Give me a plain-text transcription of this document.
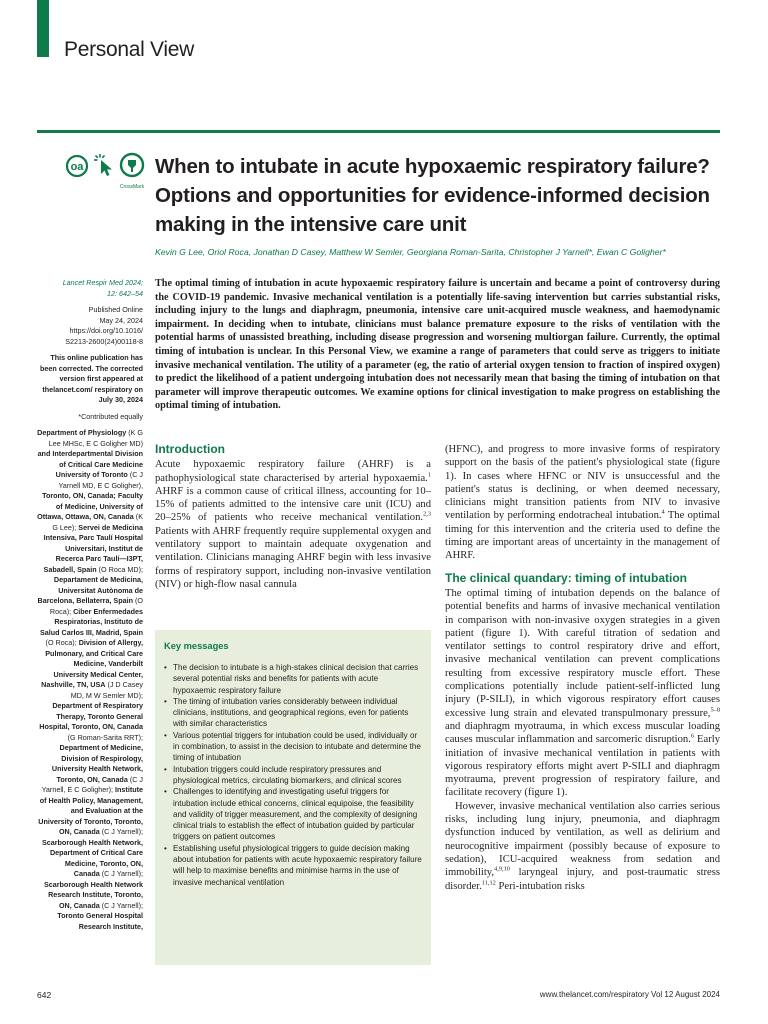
Personal View
oa
CrossMark
When to intubate in acute hypoxaemic respiratory failure? Options and opportunities for evidence-informed decision making in the intensive care unit
Kevin G Lee, Oriol Roca, Jonathan D Casey, Matthew W Semler, Georgiana Roman-Sarita, Christopher J Yarnell*, Ewan C Goligher*
Lancet Respir Med 2024;
12: 642–54
Published Online
May 24, 2024
https://doi.org/10.1016/
S2213-2600(24)00118-8
This online publication has been corrected. The corrected version first appeared at thelancet.com/ respiratory on July 30, 2024
*Contributed equally
Department of Physiology (K G Lee MHSc, E C Goligher MD) and Interdepartmental Division of Critical Care Medicine University of Toronto (C J Yarnell MD, E C Goligher), Toronto, ON, Canada; Faculty of Medicine, University of Ottawa, Ottawa, ON, Canada (K G Lee); Servei de Medicina Intensiva, Parc Taulí Hospital Universitari, Institut de Recerca Parc Taulí—I3PT, Sabadell, Spain (O Roca MD); Departament de Medicina, Universitat Autònoma de Barcelona, Bellaterra, Spain (O Roca); Ciber Enfermedades Respiratorias, Instituto de Salud Carlos III, Madrid, Spain (O Roca); Division of Allergy, Pulmonary, and Critical Care Medicine, Vanderbilt University Medical Center, Nashville, TN, USA (J D Casey MD, M W Semler MD); Department of Respiratory Therapy, Toronto General Hospital, Toronto, ON, Canada (G Roman-Sarita RRT); Department of Medicine, Division of Respirology, University Health Network, Toronto, ON, Canada (C J Yarnell, E C Goligher); Institute of Health Policy, Management, and Evaluation at the University of Toronto, Toronto, ON, Canada (C J Yarnell); Scarborough Health Network, Department of Critical Care Medicine, Toronto, ON, Canada (C J Yarnell); Scarborough Health Network Research Institute, Toronto, ON, Canada (C J Yarnell); Toronto General Hospital Research Institute,
The optimal timing of intubation in acute hypoxaemic respiratory failure is uncertain and became a point of controversy during the COVID-19 pandemic. Invasive mechanical ventilation is a potentially life-saving intervention but carries substantial risks, including injury to the lungs and diaphragm, pneumonia, intensive care unit-acquired muscle weakness, and haemodynamic impairment. In deciding when to intubate, clinicians must balance premature exposure to the risks of ventilation with the potential harms of unassisted breathing, including disease progression and worsening multiorgan failure. Currently, the optimal timing of intubation is unclear. In this Personal View, we examine a range of parameters that could serve as triggers to initiate invasive mechanical ventilation. The utility of a parameter (eg, the ratio of arterial oxygen tension to fraction of inspired oxygen) to predict the likelihood of a patient undergoing intubation does not necessarily mean that basing the timing of intubation on that parameter will improve therapeutic outcomes. We examine options for clinical investigation to make progress on establishing the optimal timing of intubation.
Introduction

Acute hypoxaemic respiratory failure (AHRF) is a pathophysiological state characterised by arterial hypoxaemia.$^1$ AHRF is a common cause of critical illness, accounting for 10–15% of patients admitted to the intensive care unit (ICU) and 20–25% of patients who receive mechanical ventilation.$^{2,3}$ Patients with AHRF frequently require supplemental oxygen and ventilatory support to maintain adequate oxygenation and ventilation. Clinicians managing AHRF begin with less invasive forms of respiratory support, including non-invasive ventilation (NIV) or high-flow nasal cannula

Key messages
• The decision to intubate is a high-stakes clinical decision that carries several potential risks and benefits for patients with acute hypoxaemic respiratory failure
• The timing of intubation varies considerably between individual clinicians, institutions, and geographical regions, even for patients with similar characteristics
• Various potential triggers for intubation could be used, individually or in combination, to assist in the decision to intubate and determine the timing of intubation
• Intubation triggers could include respiratory pressures and physiological metrics, circulating biomarkers, and clinical scores
• Challenges to identifying and investigating useful triggers for intubation include ethical concerns, clinical equipoise, the feasibility and validity of trigger measurement, and the complexity of designing clinical trials to establish the effect of intubation guided by particular triggers on patient outcomes
• Establishing useful physiological triggers to guide decision making about intubation for patients with acute hypoxaemic respiratory failure will help to maximise benefits and minimise harms in the use of invasive mechanical ventilation

(HFNC), and progress to more invasive forms of respiratory support on the basis of the patient's physiological state (figure 1). In cases where HFNC or NIV is unsuccessful and the patient's status is declining, or when deemed necessary, clinicians might transition patients from NIV to invasive ventilation by performing endotracheal intubation.$^4$ The optimal timing for this intervention and the criteria used to define the timing are important areas of uncertainty in the management of AHRF.

The clinical quandary: timing of intubation

The optimal timing of intubation depends on the balance of potential benefits and harms of invasive mechanical ventilation in comparison with non-invasive oxygen strategies in a given patient (figure 1). With careful titration of sedation and ventilator settings to control respiratory drive and effort, invasive mechanical ventilation can prevent complications resulting from excessive respiratory muscle effort. These complications potentially include patient-self-inflicted lung injury (P-SILI), in which vigorous respiratory effort causes excessive lung strain and elevated transpulmonary pressure,$^{5-8}$ and diaphragm myotrauma, in which excess muscular loading causes muscular inflammation and sarcomeric disruption.$^6$ Early initiation of invasive mechanical ventilation in patients with vigorous respiratory efforts might avert P-SILI and diaphragm myotrauma, prevent progression of respiratory failure, and facilitate recovery (figure 1).

However, invasive mechanical ventilation also carries serious risks, including lung injury, pneumonia, and diaphragm dysfunction induced by ventilation, as well as delirium and neurocognitive impairment (possibly because of exposure to sedation), ICU-acquired weakness from sedation and immobility,$^{4,9,10}$ laryngeal injury, and post-traumatic stress disorder.$^{11,12}$ Peri-intubation risks

642	www.thelancet.com/respiratory Vol 12 August 2024
